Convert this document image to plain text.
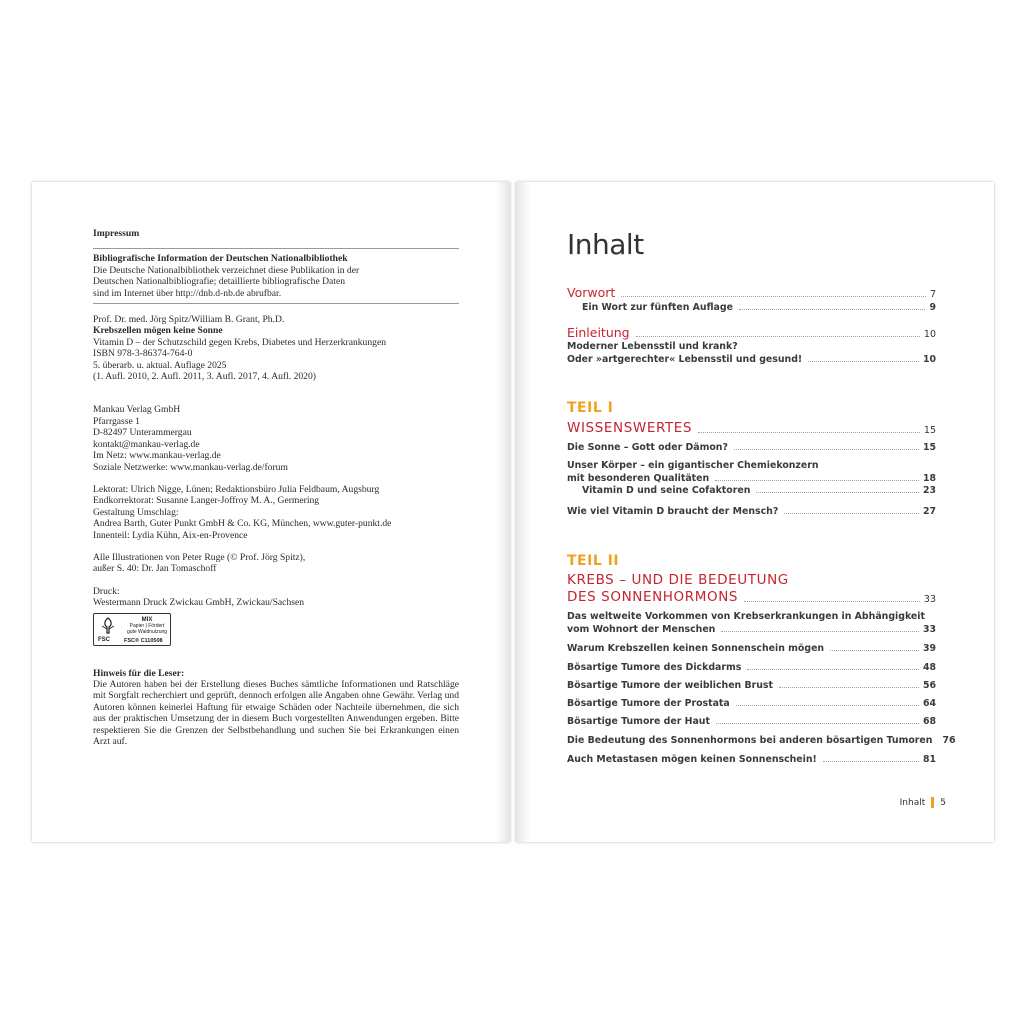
Impressum

Bibliografische Information der Deutschen Nationalbibliothek

Die Deutsche Nationalbibliothek verzeichnet diese Publikation in der

Deutschen Nationalbibliografie; detaillierte bibliografische Daten

sind im Internet über http://dnb.d-nb.de abrufbar.

Prof. Dr. med. Jörg Spitz/William B. Grant, Ph.D.

Krebszellen mögen keine Sonne

Vitamin D – der Schutzschild gegen Krebs, Diabetes und Herzerkrankungen

ISBN 978-3-86374-764-0

5. überarb. u. aktual. Auflage 2025

(1. Aufl. 2010, 2. Aufl. 2011, 3. Aufl. 2017, 4. Aufl. 2020)

Mankau Verlag GmbH

Pfarrgasse 1

D-82497 Unterammergau

kontakt@mankau-verlag.de

Im Netz: www.mankau-verlag.de

Soziale Netzwerke: www.mankau-verlag.de/forum

Lektorat: Ulrich Nigge, Lünen; Redaktionsbüro Julia Feldbaum, Augsburg

Endkorrektorat: Susanne Langer-Joffroy M. A., Germering

Gestaltung Umschlag:

Andrea Barth, Guter Punkt GmbH & Co. KG, München, www.guter-punkt.de

Innenteil: Lydia Kühn, Aix-en-Provence

Alle Illustrationen von Peter Ruge (© Prof. Jörg Spitz),

außer S. 40: Dr. Jan Tomaschoff

Druck:

Westermann Druck Zwickau GmbH, Zwickau/Sachsen

FSC
MIX
Papier | Fördert
gute Waldnutzung
FSC® C110508

Hinweis für die Leser:

Die Autoren haben bei der Erstellung dieses Buches sämtliche Informationen und Ratschläge mit Sorgfalt recherchiert und geprüft, dennoch erfolgen alle Angaben ohne Gewähr. Verlag und Autoren können keinerlei Haftung für etwaige Schäden oder Nachteile übernehmen, die sich aus der praktischen Umsetzung der in diesem Buch vorgestellten Anwendungen ergeben. Bitte respektieren Sie die Grenzen der Selbstbehandlung und suchen Sie bei Erkrankungen einen Arzt auf.

Inhalt
Vorwort	7
Ein Wort zur fünften Auflage	9
Einleitung	10
Moderner Lebensstil und krank?
Oder »artgerechter« Lebensstil und gesund!	10
TEIL I
WISSENSWERTES	15
Die Sonne – Gott oder Dämon?	15
Unser Körper – ein gigantischer Chemiekonzern
mit besonderen Qualitäten	18
Vitamin D und seine Cofaktoren	23
Wie viel Vitamin D braucht der Mensch?	27
TEIL II
KREBS – UND DIE BEDEUTUNG
DES SONNENHORMONS	33
Das weltweite Vorkommen von Krebserkrankungen in Abhängigkeit
vom Wohnort der Menschen	33
Warum Krebszellen keinen Sonnenschein mögen	39
Bösartige Tumore des Dickdarms	48
Bösartige Tumore der weiblichen Brust	56
Bösartige Tumore der Prostata	64
Bösartige Tumore der Haut	68
Die Bedeutung des Sonnenhormons bei anderen bösartigen Tumoren 76
Auch Metastasen mögen keinen Sonnenschein!	81
Inhalt 5
